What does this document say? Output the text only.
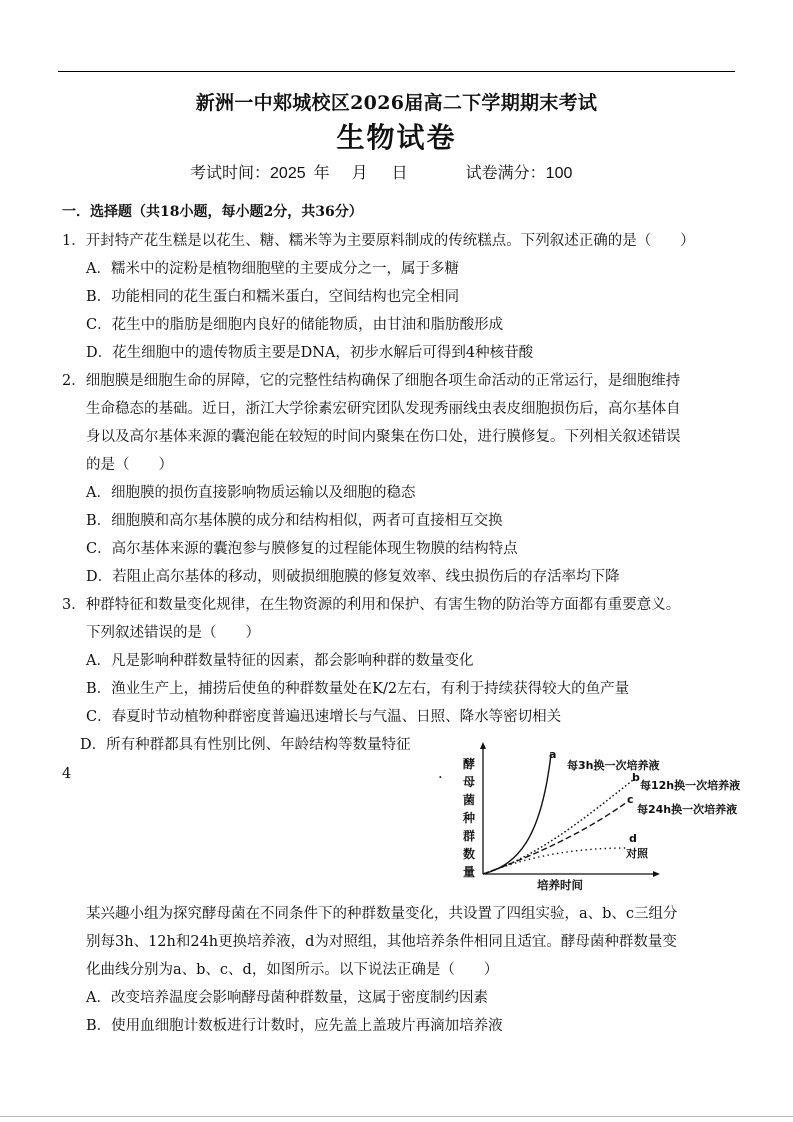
新洲一中郏城校区2026届高二下学期期末考试
生物试卷
考试时间：2025 年 月 日	试卷满分：100
一．选择题（共18小题，每小题2分，共36分）
1．开封特产花生糕是以花生、糖、糯米等为主要原料制成的传统糕点。下列叙述正确的是（　　）
A．糯米中的淀粉是植物细胞壁的主要成分之一，属于多糖
B．功能相同的花生蛋白和糯米蛋白，空间结构也完全相同
C．花生中的脂肪是细胞内良好的储能物质，由甘油和脂肪酸形成
D．花生细胞中的遗传物质主要是DNA，初步水解后可得到4种核苷酸
2．细胞膜是细胞生命的屏障，它的完整性结构确保了细胞各项生命活动的正常运行，是细胞维持
生命稳态的基础。近日，浙江大学徐素宏研究团队发现秀丽线虫表皮细胞损伤后，高尔基体自
身以及高尔基体来源的囊泡能在较短的时间内聚集在伤口处，进行膜修复。下列相关叙述错误
的是（　　）
A．细胞膜的损伤直接影响物质运输以及细胞的稳态
B．细胞膜和高尔基体膜的成分和结构相似，两者可直接相互交换
C．高尔基体来源的囊泡参与膜修复的过程能体现生物膜的结构特点
D．若阻止高尔基体的移动，则破损细胞膜的修复效率、线虫损伤后的存活率均下降
3．种群特征和数量变化规律，在生物资源的利用和保护、有害生物的防治等方面都有重要意义。
下列叙述错误的是（　　）
A．凡是影响种群数量特征的因素，都会影响种群的数量变化
B．渔业生产上，捕捞后使鱼的种群数量处在K/2左右，有利于持续获得较大的鱼产量
C．春夏时节动植物种群密度普遍迅速增长与气温、日照、降水等密切相关
D．所有种群都具有性别比例、年龄结构等数量特征
4	.
酵
母
菌
种
群
数
量
培养时间
a
每3h换一次培养液
b
每12h换一次培养液
c
每24h换一次培养液
d
对照
某兴趣小组为探究酵母菌在不同条件下的种群数量变化，共设置了四组实验，a、b、c三组分
别每3h、12h和24h更换培养液，d为对照组，其他培养条件相同且适宜。酵母菌种群数量变
化曲线分别为a、b、c、d，如图所示。以下说法正确是（　　）
A．改变培养温度会影响酵母菌种群数量，这属于密度制约因素
B．使用血细胞计数板进行计数时，应先盖上盖玻片再滴加培养液
